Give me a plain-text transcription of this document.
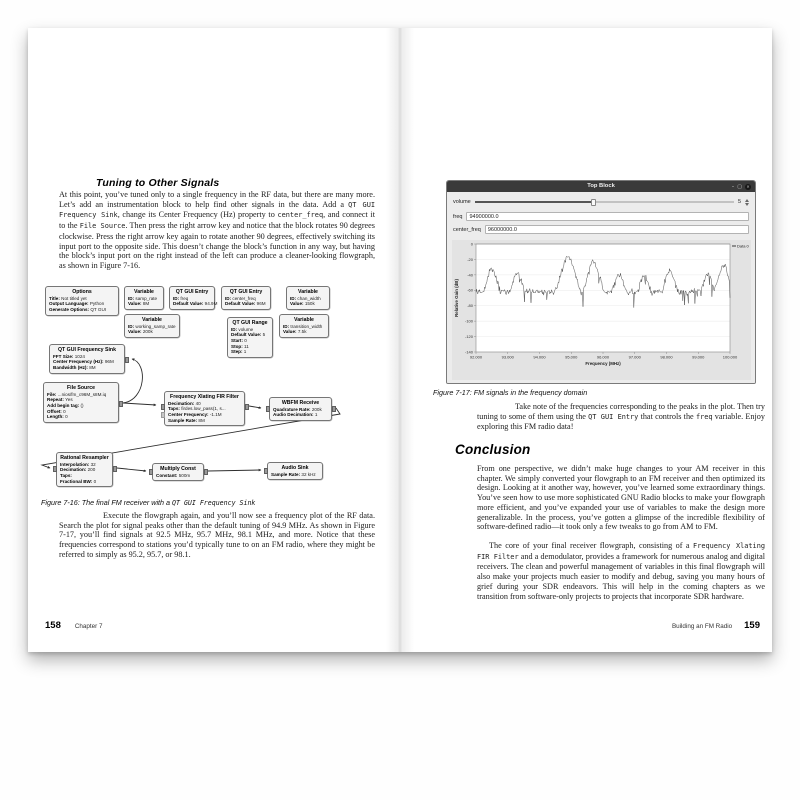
Tuning to Other Signals

At this point, you’ve tuned only to a single frequency in the RF data, but there are many more. Let’s add an instrumentation block to help find other signals in the data. Add a QT GUI Frequency Sink, change its Center Frequency (Hz) property to center_freq, and connect it to the File Source. Then press the right arrow key and notice that the block rotates 90 degrees clockwise. Press the right arrow key again to rotate another 90 degrees, effectively switching its input port to the opposite side. This doesn’t change the block’s function in any way, but having the block’s input port on the right instead of the left can produce a cleaner-looking flowgraph, as shown in Figure 7-16.

Options
Title: Not titled yet
Output Language: Python
Generate Options: QT GUI
Variable
ID: samp_rate
Value: 8M
QT GUI Entry
ID: freq
Default Value: 94.9M
QT GUI Entry
ID: center_freq
Default Value: 96M
Variable
ID: chan_width
Value: 150k
Variable
ID: working_samp_rate
Value: 200k
QT GUI Range
ID: volume
Default Value: 5
Start: 0
Stop: 11
Step: 1
Variable
ID: transition_width
Value: 7.5k
QT GUI Frequency Sink
FFT Size: 1024
Center Frequency (Hz): 96M
Bandwidth (Hz): 8M
File Source
File: ...nios/fm_c96M_s8M.iq
Repeat: Yes
Add begin tag: ()
Offset: 0
Length: 0
Frequency Xlating FIR Filter
Decimation: 40
Taps: firdes.low_pass(1, s...
Center Frequency: -1.1M
Sample Rate: 8M
WBFM Receive
Quadrature Rate: 200k
Audio Decimation: 1
Rational Resampler
Interpolation: 32
Decimation: 200
Taps:
Fractional BW: 0
Multiply Const
Constant: 500m
Audio Sink
Sample Rate: 32 kHz

Figure 7-16: The final FM receiver with a QT GUI Frequency Sink

Execute the flowgraph again, and you’ll now see a frequency plot of the RF data. Search the plot for signal peaks other than the default tuning of 94.9 MHz. As shown in Figure 7-17, you’ll find signals at 92.5 MHz, 95.7 MHz, 98.1 MHz, and more. Notice that these frequencies correspond to stations you’d typically tune to on an FM radio, where they might be referred to simply as 95.2, 95.7, or 98.1.

158 Chapter 7
Top Block	– ▢	✕
volume	5
freq
94900000.0
center_freq
96000000.0
0
-20
-40
-60
-80
-100
-120
-140
92.000	93.000	94.000	95.000	96.000	97.000	98.000	99.000	100.000
Frequency (MHz)
Relative Gain (dB)
Data 0

Figure 7-17: FM signals in the frequency domain

Take note of the frequencies corresponding to the peaks in the plot. Then try tuning to some of them using the QT GUI Entry that controls the freq variable. Enjoy exploring this FM radio data!

Conclusion

From one perspective, we didn’t make huge changes to your AM receiver in this chapter. We simply converted your flowgraph to an FM receiver and then optimized its design. Looking at it another way, however, you’ve learned some extraordinary things. You’ve seen how to use more sophisticated GNU Radio blocks to make your flowgraph more efficient, and you’ve expanded your use of variables to make the design more generalizable. In the process, you’ve gotten a glimpse of the incredible flexibility of software-defined radio—it took only a few tweaks to go from AM to FM.

The core of your final receiver flowgraph, consisting of a Frequency Xlating FIR Filter and a demodulator, provides a framework for numerous analog and digital receivers. The clean and powerful management of variables in this final flowgraph will also make your projects much easier to modify and debug, saving you many hours of grief during your SDR endeavors. This will help in the coming chapters as we transition from software-only projects to projects that incorporate SDR hardware.

Building an FM Radio 159
